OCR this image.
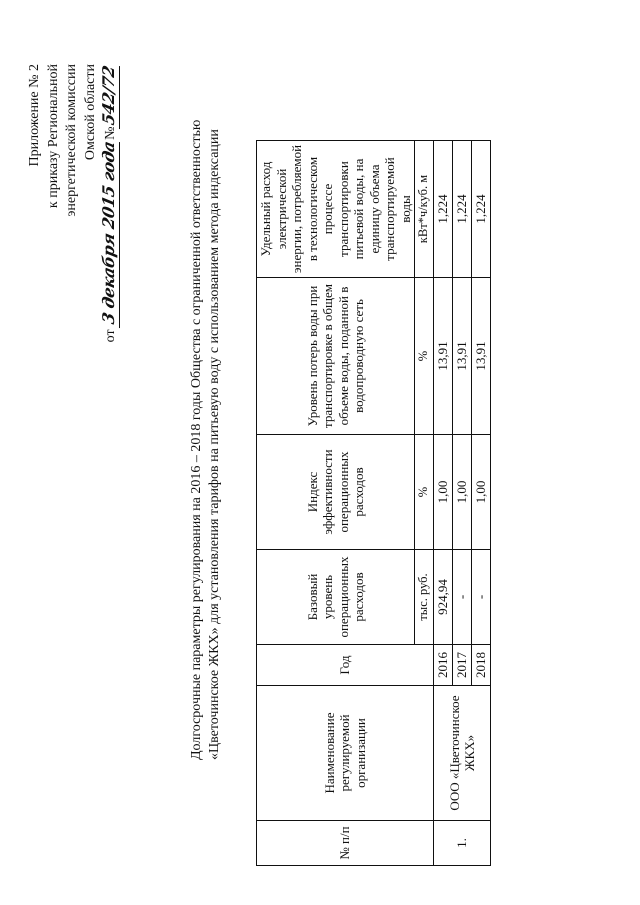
Приложение № 2 к приказу Региональной энергетической комиссии Омской области
от 3 декабря 2015 года№542/72
Долгосрочные параметры регулирования на 2016 – 2018 годы Общества с ограниченной ответственностью «Цветочинское ЖКХ» для установления тарифов на питьевую воду с использованием метода индексации
№ п/п	Наименование регулируемой организации	Год	Базовый уровень операционных расходов	Индекс эффективности операционных расходов	Уровень потерь воды при транспортировке в общем объеме воды, поданной в водопроводную сеть	Удельный расход электрической энергии, потребляемой в технологическом процессе транспортировки питьевой воды, на единицу объема транспортируемой воды
			тыс. руб.	%	%	кВт*ч/куб. м
1.	ООО «Цветочинское ЖКХ»	2016	924,94	1,00	13,91	1,224
		2017	-	1,00	13,91	1,224
		2018	-	1,00	13,91	1,224
